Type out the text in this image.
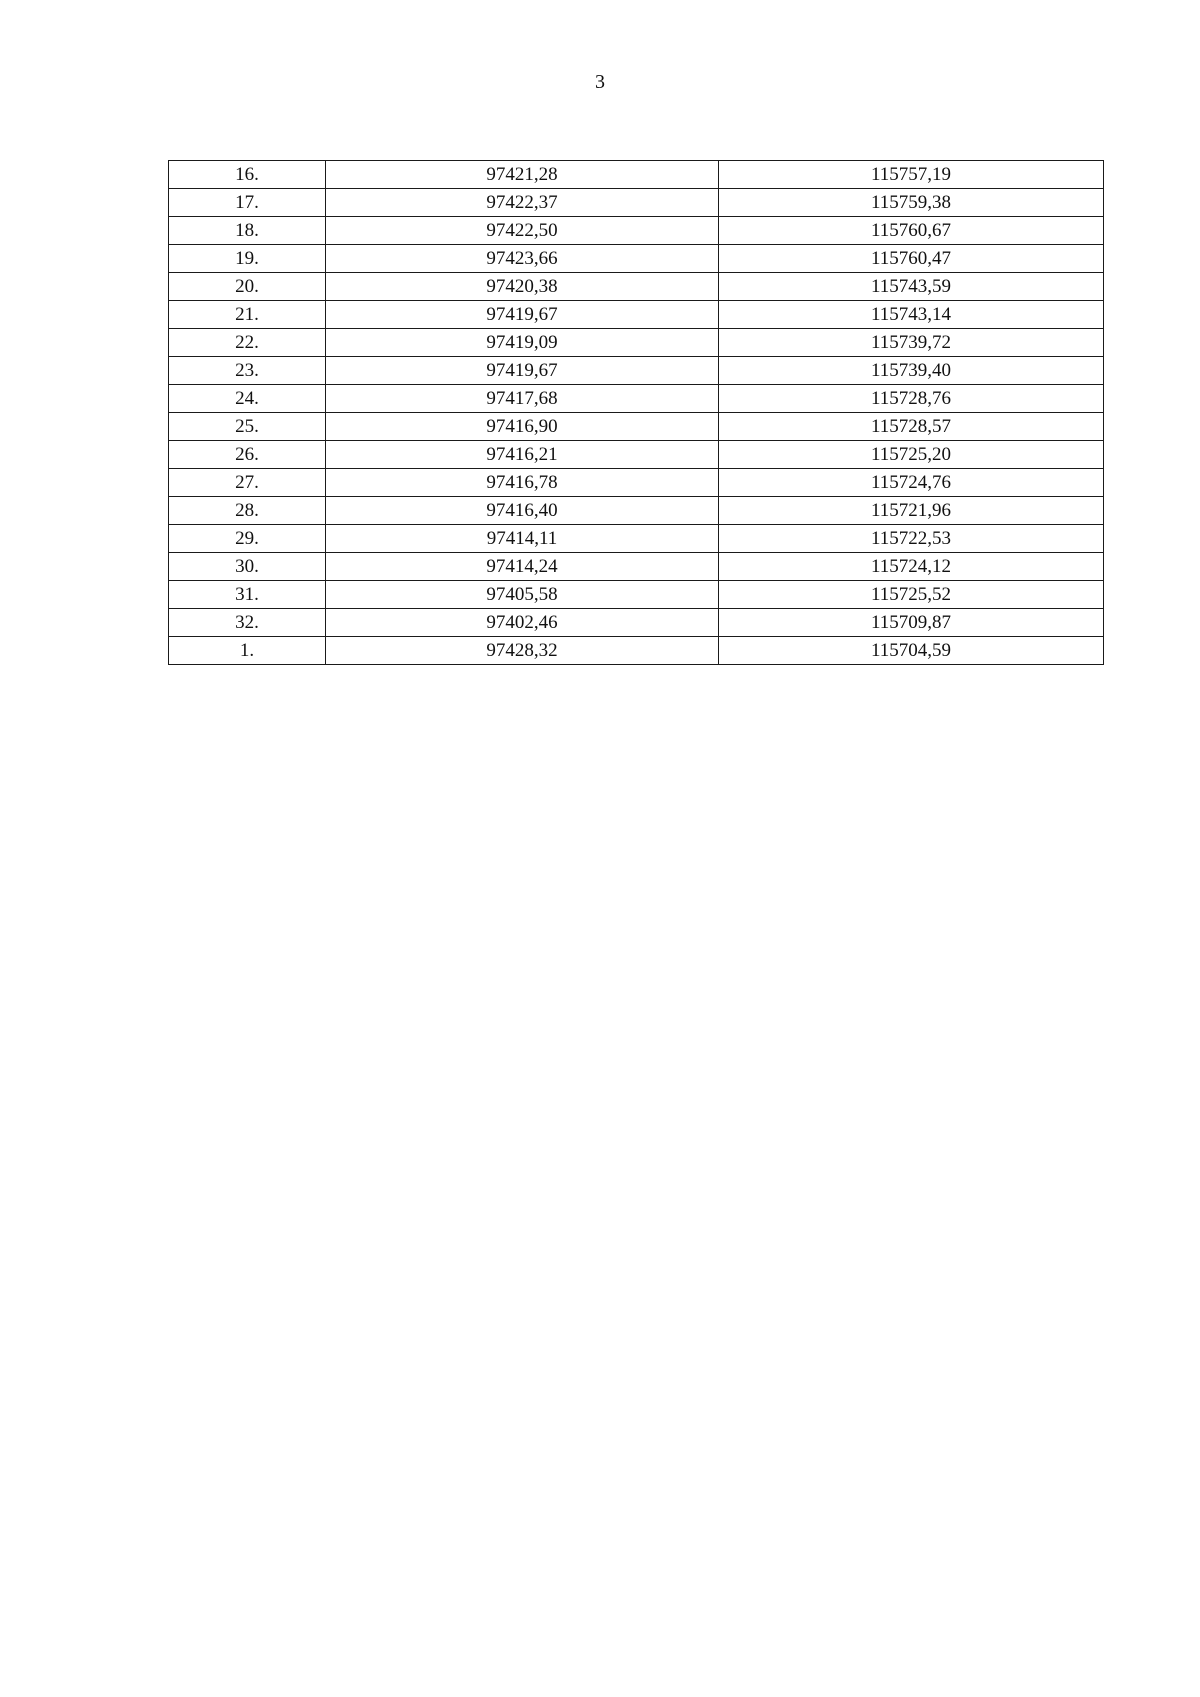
3
16.	97421,28	115757,19
17.	97422,37	115759,38
18.	97422,50	115760,67
19.	97423,66	115760,47
20.	97420,38	115743,59
21.	97419,67	115743,14
22.	97419,09	115739,72
23.	97419,67	115739,40
24.	97417,68	115728,76
25.	97416,90	115728,57
26.	97416,21	115725,20
27.	97416,78	115724,76
28.	97416,40	115721,96
29.	97414,11	115722,53
30.	97414,24	115724,12
31.	97405,58	115725,52
32.	97402,46	115709,87
1.	97428,32	115704,59
